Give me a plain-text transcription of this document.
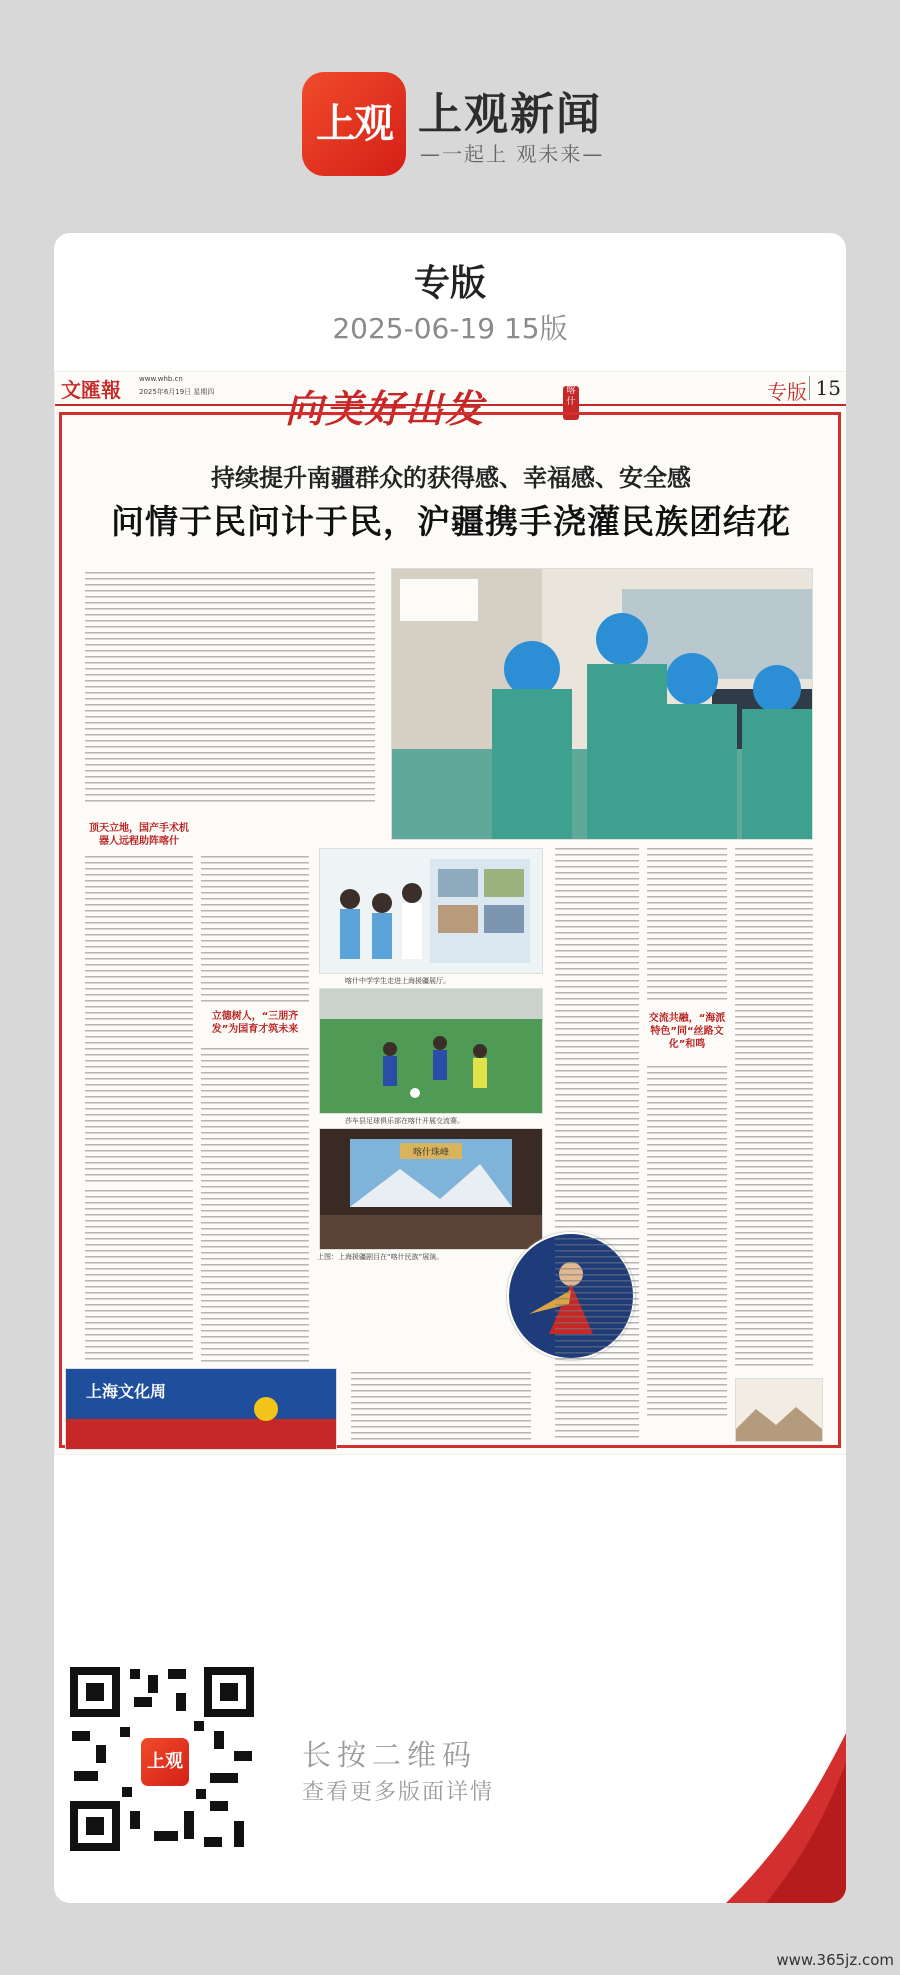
上观 上观新闻
—一起上 观未来—
专版
2025-06-19 15版
文匯報	www.whb.cn
2025年6月19日 星期四	专版 15
向美好出发	喀什
持续提升南疆群众的获得感、幸福感、安全感
问情于民问计于民，沪疆携手浇灌民族团结花
顶天立地，国产手术机器人远程助阵喀什
立德树人，“三朋齐发”为国育才筑未来
喀什中学学生走进上海援疆展厅。
莎车县足球俱乐部在喀什开展交流赛。
喀什珠峰
上图：上海援疆剧目在“喀什民族”展演。
交流共融，“海派特色”同“丝路文化”和鸣
上海文化周
上观	长按二维码
查看更多版面详情
www.365jz.com
